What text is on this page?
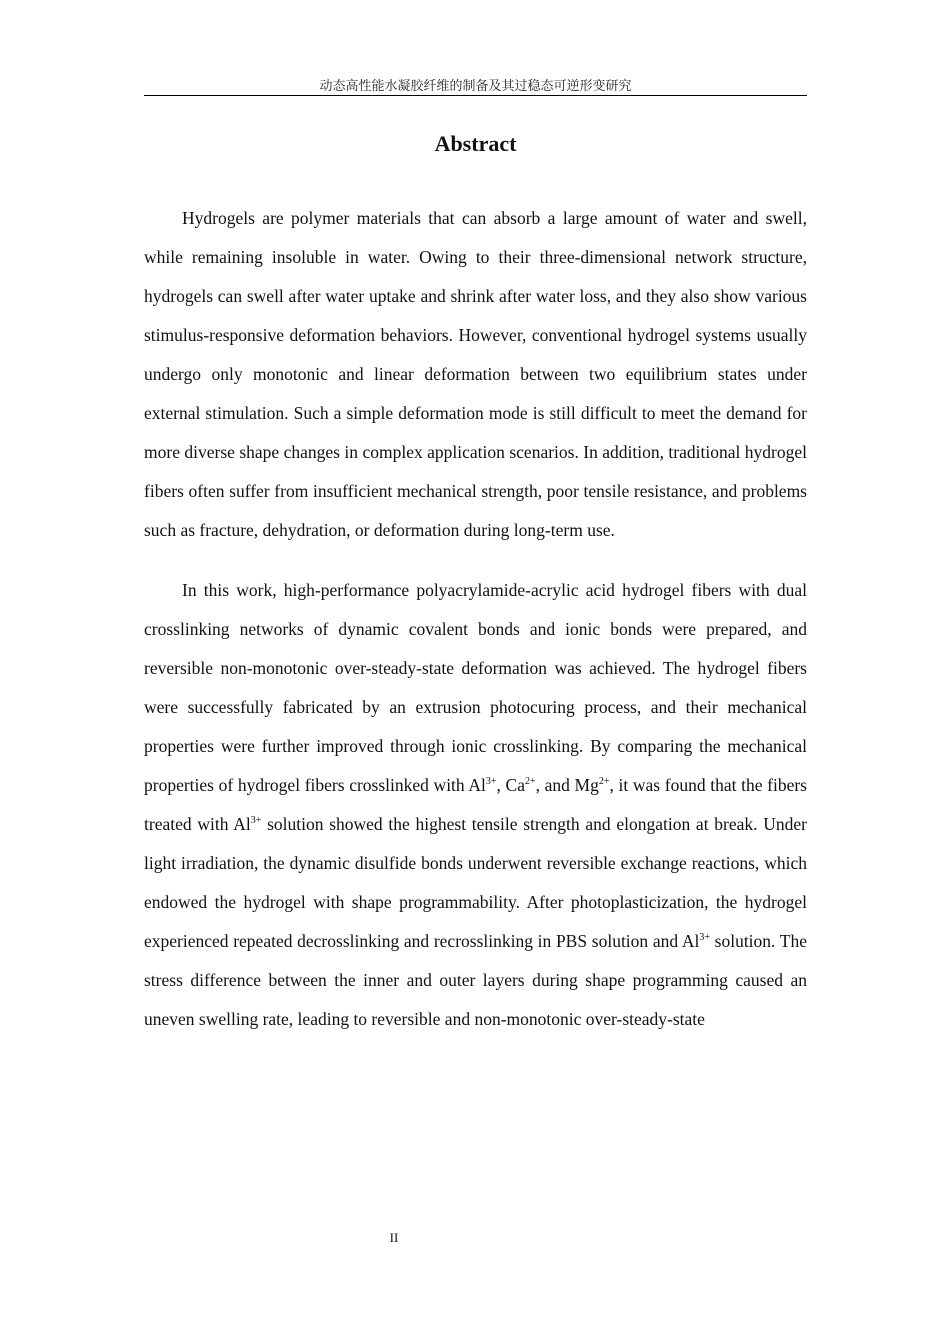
动态高性能水凝胶纤维的制备及其过稳态可逆形变研究
Abstract

Hydrogels are polymer materials that can absorb a large amount of water and swell, while remaining insoluble in water. Owing to their three-dimensional network structure, hydrogels can swell after water uptake and shrink after water loss, and they also show various stimulus-responsive deformation behaviors. However, conventional hydrogel systems usually undergo only monotonic and linear deformation between two equilibrium states under external stimulation. Such a simple deformation mode is still difficult to meet the demand for more diverse shape changes in complex application scenarios. In addition, traditional hydrogel fibers often suffer from insufficient mechanical strength, poor tensile resistance, and problems such as fracture, dehydration, or deformation during long-term use.

In this work, high-performance polyacrylamide-acrylic acid hydrogel fibers with dual crosslinking networks of dynamic covalent bonds and ionic bonds were prepared, and reversible non-monotonic over-steady-state deformation was achieved. The hydrogel fibers were successfully fabricated by an extrusion photocuring process, and their mechanical properties were further improved through ionic crosslinking. By comparing the mechanical properties of hydrogel fibers crosslinked with $Al^{3+}$, $Ca^{2+}$, and $Mg^{2+}$, it was found that the fibers treated with $Al^{3+}$ solution showed the highest tensile strength and elongation at break. Under light irradiation, the dynamic disulfide bonds underwent reversible exchange reactions, which endowed the hydrogel with shape programmability. After photoplasticization, the hydrogel experienced repeated decrosslinking and recrosslinking in PBS solution and $Al^{3+}$ solution. The stress difference between the inner and outer layers during shape programming caused an uneven swelling rate, leading to reversible and non-monotonic over-steady-state

II
